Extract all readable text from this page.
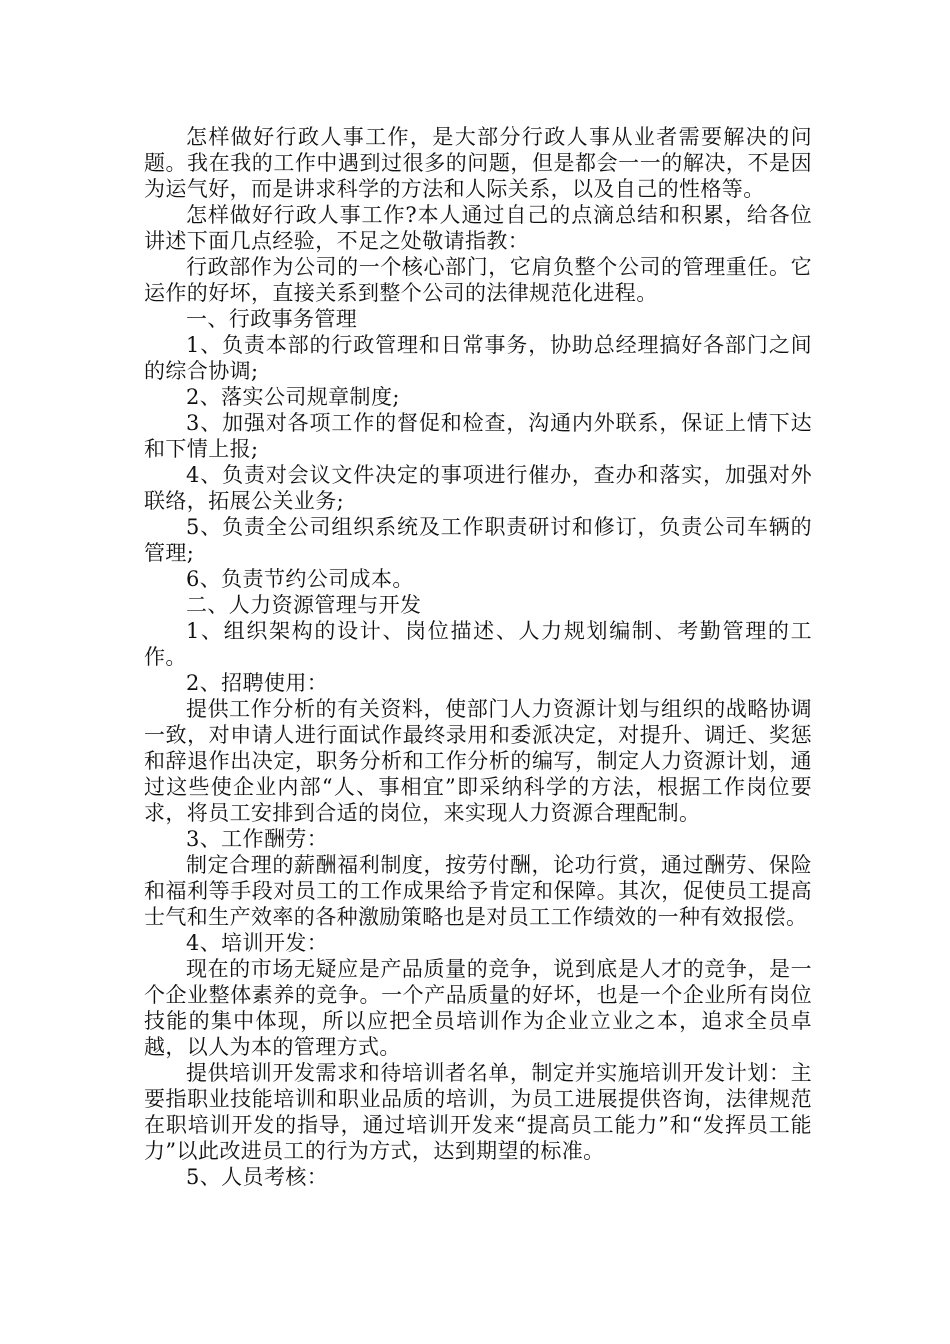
怎样做好行政人事工作，是大部分行政人事从业者需要解决的问题。我在我的工作中遇到过很多的问题，但是都会一一的解决，不是因为运气好，而是讲求科学的方法和人际关系，以及自己的性格等。

怎样做好行政人事工作?本人通过自己的点滴总结和积累，给各位讲述下面几点经验，不足之处敬请指教：

行政部作为公司的一个核心部门，它肩负整个公司的管理重任。它运作的好坏，直接关系到整个公司的法律规范化进程。

一、行政事务管理

1、负责本部的行政管理和日常事务，协助总经理搞好各部门之间的综合协调;

2、落实公司规章制度;

3、加强对各项工作的督促和检查，沟通内外联系，保证上情下达和下情上报;

4、负责对会议文件决定的事项进行催办，查办和落实，加强对外联络，拓展公关业务;

5、负责全公司组织系统及工作职责研讨和修订，负责公司车辆的管理;

6、负责节约公司成本。

二、人力资源管理与开发

1、组织架构的设计、岗位描述、人力规划编制、考勤管理的工作。

2、招聘使用：

提供工作分析的有关资料，使部门人力资源计划与组织的战略协调一致，对申请人进行面试作最终录用和委派决定，对提升、调迁、奖惩和辞退作出决定，职务分析和工作分析的编写，制定人力资源计划，通过这些使企业内部“人、事相宜”即采纳科学的方法，根据工作岗位要求，将员工安排到合适的岗位，来实现人力资源合理配制。

3、工作酬劳：

制定合理的薪酬福利制度，按劳付酬，论功行赏，通过酬劳、保险和福利等手段对员工的工作成果给予肯定和保障。其次，促使员工提高士气和生产效率的各种激励策略也是对员工工作绩效的一种有效报偿。

4、培训开发：

现在的市场无疑应是产品质量的竞争，说到底是人才的竞争，是一个企业整体素养的竞争。一个产品质量的好坏，也是一个企业所有岗位技能的集中体现，所以应把全员培训作为企业立业之本，追求全员卓越，以人为本的管理方式。

提供培训开发需求和待培训者名单，制定并实施培训开发计划：主要指职业技能培训和职业品质的培训，为员工进展提供咨询，法律规范在职培训开发的指导，通过培训开发来“提高员工能力”和“发挥员工能力”以此改进员工的行为方式，达到期望的标准。

5、人员考核：
